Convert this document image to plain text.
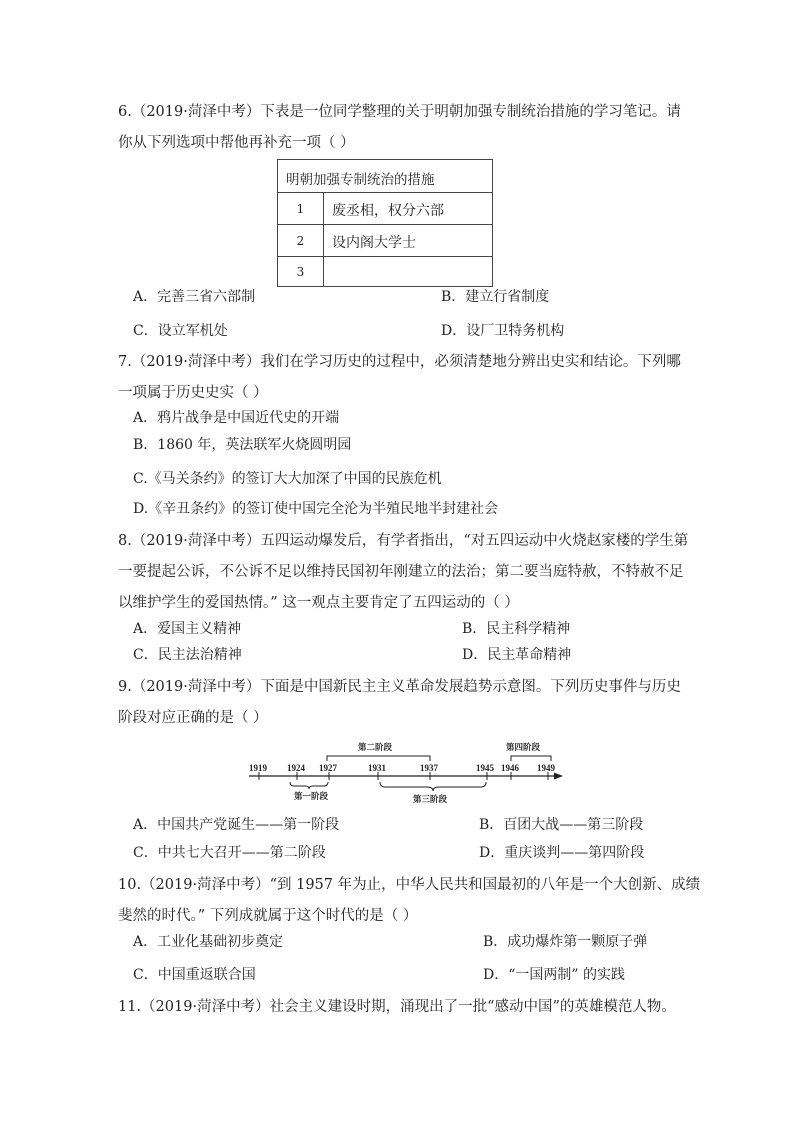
6.（2019·菏泽中考）下表是一位同学整理的关于明朝加强专制统治措施的学习笔记。请
你从下列选项中帮他再补充一项（ ）
明朝加强专制统治的措施
1	废丞相，权分六部
2	设内阁大学士
3
A．完善三省六部制	B．建立行省制度
C．设立军机处	D．设厂卫特务机构
7.（2019·菏泽中考）我们在学习历史的过程中，必须清楚地分辨出史实和结论。下列哪
一项属于历史史实（ ）
A．鸦片战争是中国近代史的开端
B．1860 年，英法联军火烧圆明园
C.《马关条约》的签订大大加深了中国的民族危机
D.《辛丑条约》的签订使中国完全沦为半殖民地半封建社会
8.（2019·菏泽中考）五四运动爆发后，有学者指出，“对五四运动中火烧赵家楼的学生第
一要提起公诉，不公诉不足以维持民国初年刚建立的法治；第二要当庭特赦，不特赦不足
以维护学生的爱国热情。” 这一观点主要肯定了五四运动的（ ）
A．爱国主义精神	B．民主科学精神
C．民主法治精神	D．民主革命精神
9.（2019·菏泽中考）下面是中国新民主主义革命发展趋势示意图。下列历史事件与历史
阶段对应正确的是（ ）
第二阶段	第四阶段
1919 1924 1927	1931	1937	1945 1946 1949
第一阶段	第三阶段
A．中国共产党诞生——第一阶段	B．百团大战——第三阶段
C．中共七大召开——第二阶段	D．重庆谈判——第四阶段
10.（2019·菏泽中考）“到 1957 年为止，中华人民共和国最初的八年是一个大创新、成绩
斐然的时代。” 下列成就属于这个时代的是（ ）
A．工业化基础初步奠定	B．成功爆炸第一颗原子弹
C．中国重返联合国	D．“一国两制” 的实践
11.（2019·菏泽中考）社会主义建设时期，涌现出了一批“感动中国”的英雄模范人物。
